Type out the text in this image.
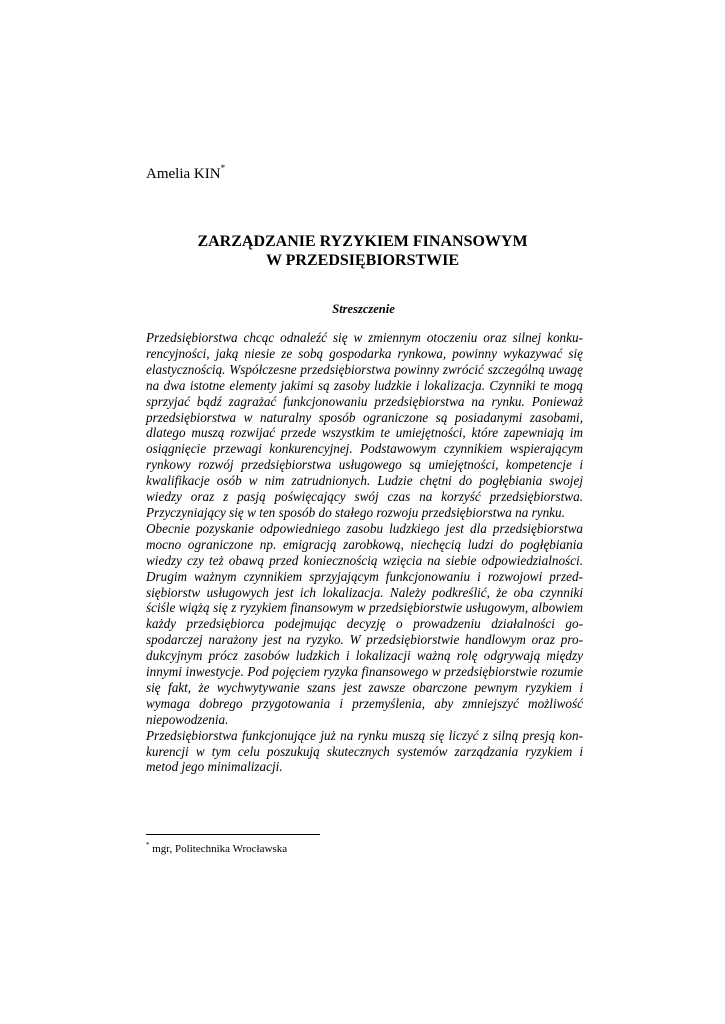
Amelia KIN*
ZARZĄDZANIE RYZYKIEM FINANSOWYM
W PRZEDSIĘBIORSTWIE
Streszczenie

Przedsiębiorstwa chcąc odnaleźć się w zmiennym otoczeniu oraz silnej konkurencyjności, jaką niesie ze sobą gospodarka rynkowa, powinny wykazywać się elastycznością. Współczesne przedsiębiorstwa powinny zwrócić szczególną uwagę na dwa istotne elementy jakimi są zasoby ludzkie i lokalizacja. Czynniki te mogą sprzyjać bądź zagrażać funkcjonowaniu przedsiębiorstwa na rynku. Ponieważ przedsiębiorstwa w naturalny sposób ograniczone są posiadanymi zasobami, dlatego muszą rozwijać przede wszystkim te umiejętności, które zapewniają im osiągnięcie przewagi konkurencyjnej. Podstawowym czynnikiem wspierającym rynkowy rozwój przedsiębiorstwa usługowego są umiejętności, kompetencje i kwalifikacje osób w nim zatrudnionych. Ludzie chętni do pogłębiania swojej wiedzy oraz z pasją poświęcający swój czas na korzyść przedsiębiorstwa. Przyczyniający się w ten sposób do stałego rozwoju przedsiębiorstwa na rynku.

Obecnie pozyskanie odpowiedniego zasobu ludzkiego jest dla przedsiębiorstwa mocno ograniczone np. emigracją zarobkową, niechęcią ludzi do pogłębiania wiedzy czy też obawą przed koniecznością wzięcia na siebie odpowiedzialności. Drugim ważnym czynnikiem sprzyjającym funkcjonowaniu i rozwojowi przedsiębiorstw usługowych jest ich lokalizacja. Należy podkreślić, że oba czynniki ściśle wiążą się z ryzykiem finansowym w przedsiębiorstwie usługowym, albowiem każdy przedsiębiorca podejmując decyzję o prowadzeniu działalności gospodarczej narażony jest na ryzyko. W przedsiębiorstwie handlowym oraz produkcyjnym prócz zasobów ludzkich i lokalizacji ważną rolę odgrywają między innymi inwestycje. Pod pojęciem ryzyka finansowego w przedsiębiorstwie rozumie się fakt, że wychwytywanie szans jest zawsze obarczone pewnym ryzykiem i wymaga dobrego przygotowania i przemyślenia, aby zmniejszyć możliwość niepowodzenia.

Przedsiębiorstwa funkcjonujące już na rynku muszą się liczyć z silną presją konkurencji w tym celu poszukują skutecznych systemów zarządzania ryzykiem i metod jego minimalizacji.

* mgr, Politechnika Wrocławska
